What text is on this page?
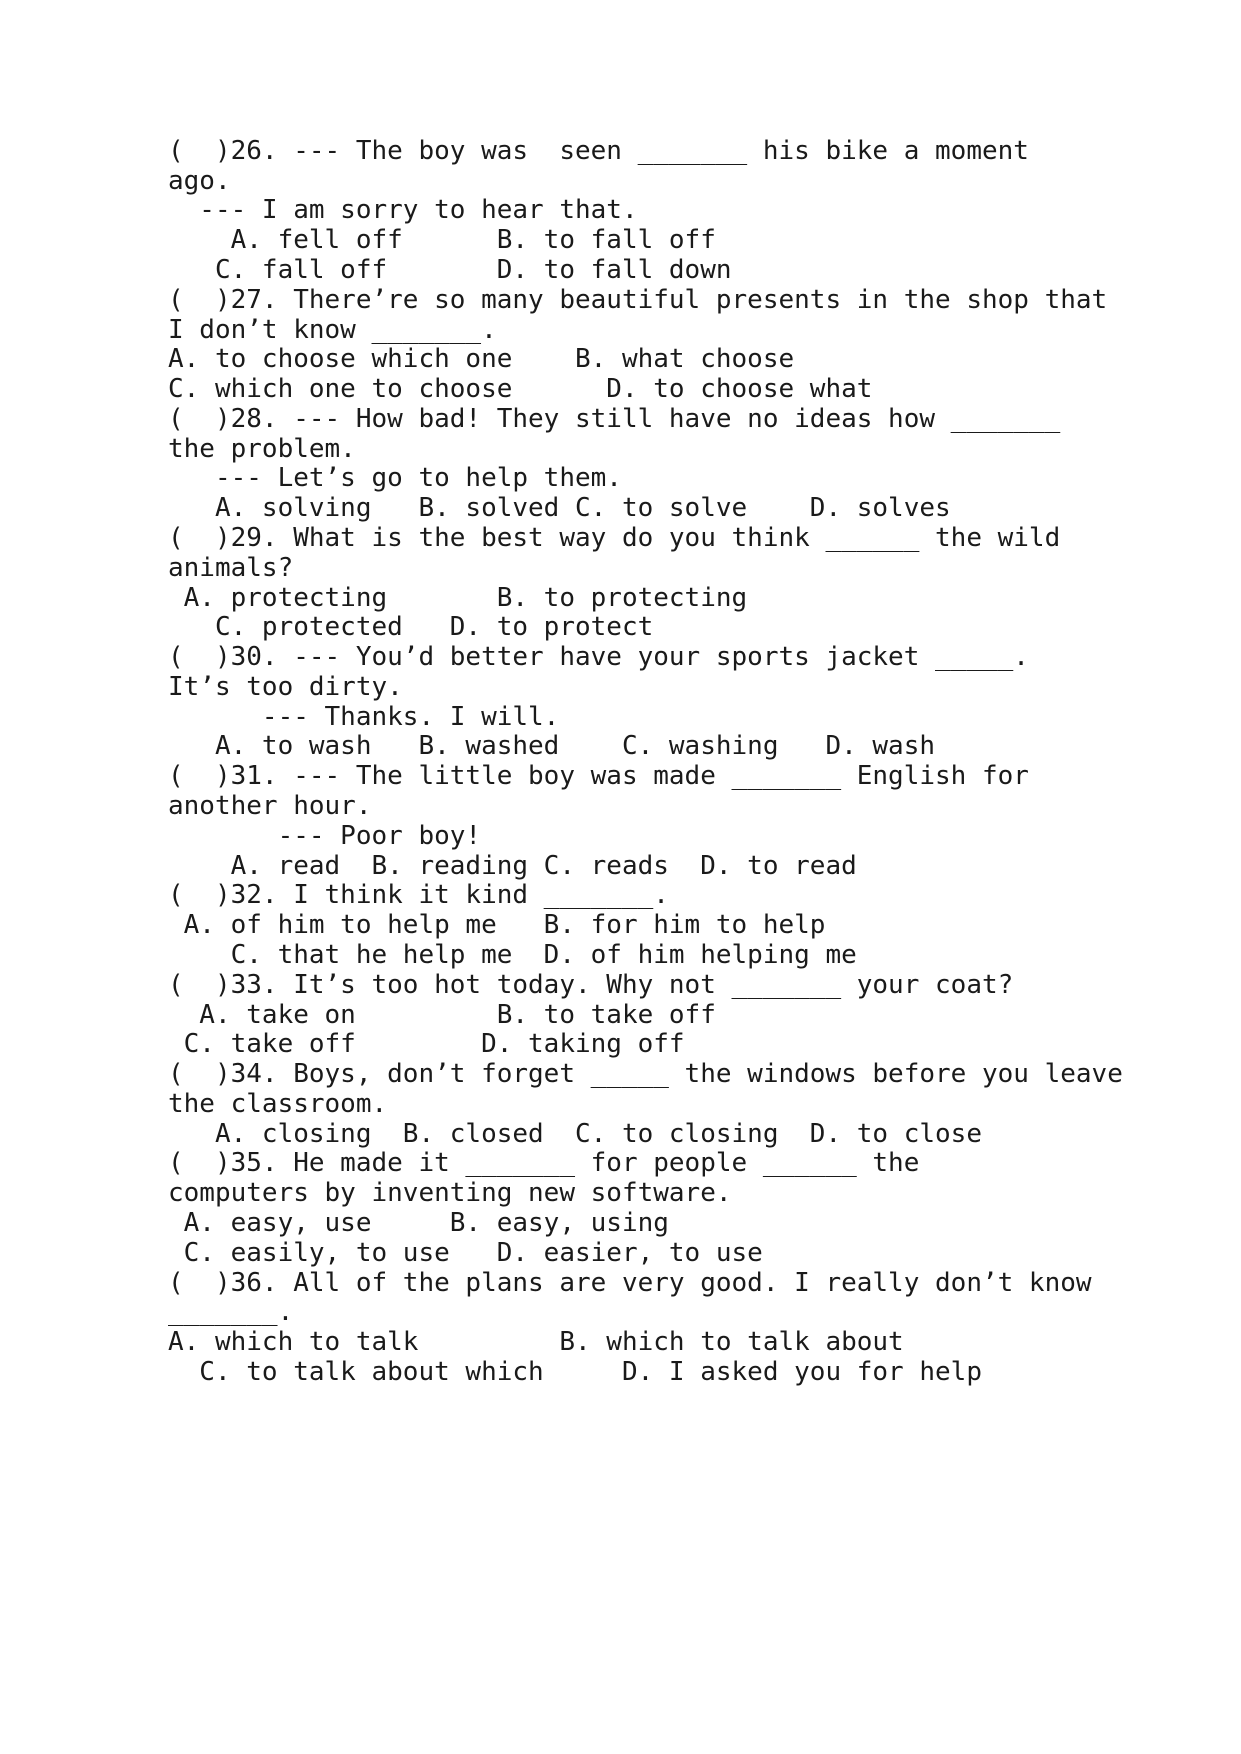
(  )26. --- The boy was  seen _______ his bike a moment
ago.
--- I am sorry to hear that.
A. fell off      B. to fall off
C. fall off       D. to fall down
(  )27. There’re so many beautiful presents in the shop that
I don’t know _______.
A. to choose which one    B. what choose
C. which one to choose      D. to choose what
(  )28. --- How bad! They still have no ideas how _______
the problem.
--- Let’s go to help them.
A. solving   B. solved C. to solve    D. solves
(  )29. What is the best way do you think ______ the wild
animals?
A. protecting       B. to protecting
C. protected   D. to protect
(  )30. --- You’d better have your sports jacket _____.
It’s too dirty.
--- Thanks. I will.
A. to wash   B. washed    C. washing   D. wash
(  )31. --- The little boy was made _______ English for
another hour.
--- Poor boy!
A. read  B. reading C. reads  D. to read
(  )32. I think it kind _______.
A. of him to help me   B. for him to help
C. that he help me  D. of him helping me
(  )33. It’s too hot today. Why not _______ your coat?
A. take on         B. to take off
C. take off        D. taking off
(  )34. Boys, don’t forget _____ the windows before you leave
the classroom.
A. closing  B. closed  C. to closing  D. to close
(  )35. He made it _______ for people ______ the
computers by inventing new software.
A. easy, use     B. easy, using
C. easily, to use   D. easier, to use
(  )36. All of the plans are very good. I really don’t know
_______.
A. which to talk         B. which to talk about
C. to talk about which     D. I asked you for help
